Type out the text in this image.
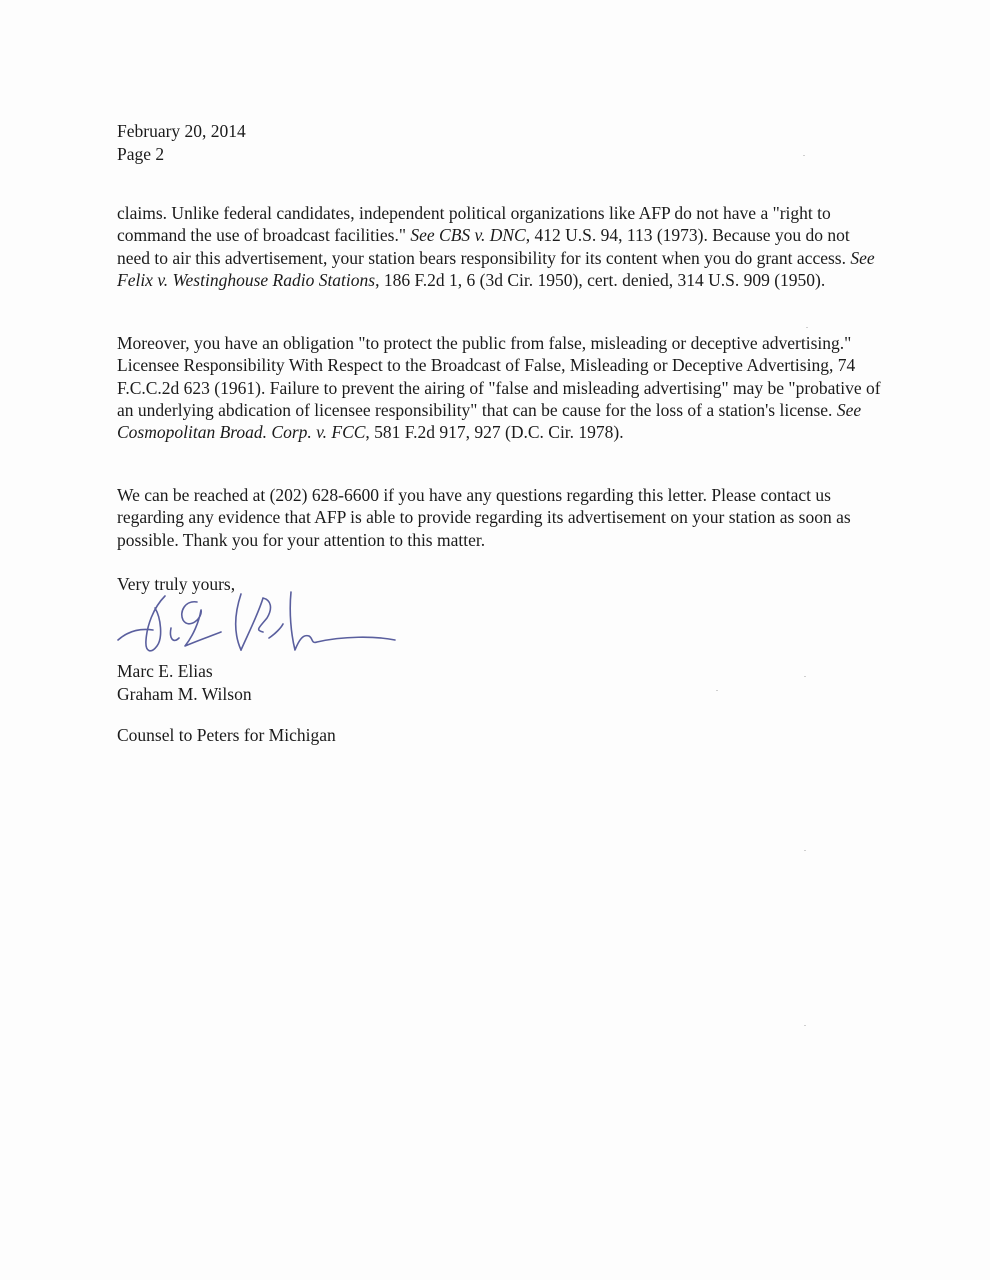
February 20, 2014
Page 2

claims. Unlike federal candidates, independent political organizations like AFP do not have a "right to command the use of broadcast facilities." See CBS v. DNC, 412 U.S. 94, 113 (1973). Because you do not need to air this advertisement, your station bears responsibility for its content when you do grant access. See Felix v. Westinghouse Radio Stations, 186 F.2d 1, 6 (3d Cir. 1950), cert. denied, 314 U.S. 909 (1950).

Moreover, you have an obligation "to protect the public from false, misleading or deceptive advertising." Licensee Responsibility With Respect to the Broadcast of False, Misleading or Deceptive Advertising, 74 F.C.C.2d 623 (1961). Failure to prevent the airing of "false and misleading advertising" may be "probative of an underlying abdication of licensee responsibility" that can be cause for the loss of a station's license. See Cosmopolitan Broad. Corp. v. FCC, 581 F.2d 917, 927 (D.C. Cir. 1978).

We can be reached at (202) 628-6600 if you have any questions regarding this letter. Please contact us regarding any evidence that AFP is able to provide regarding its advertisement on your station as soon as possible. Thank you for your attention to this matter.

Very truly yours,
Marc E. Elias
Graham M. Wilson
Counsel to Peters for Michigan
